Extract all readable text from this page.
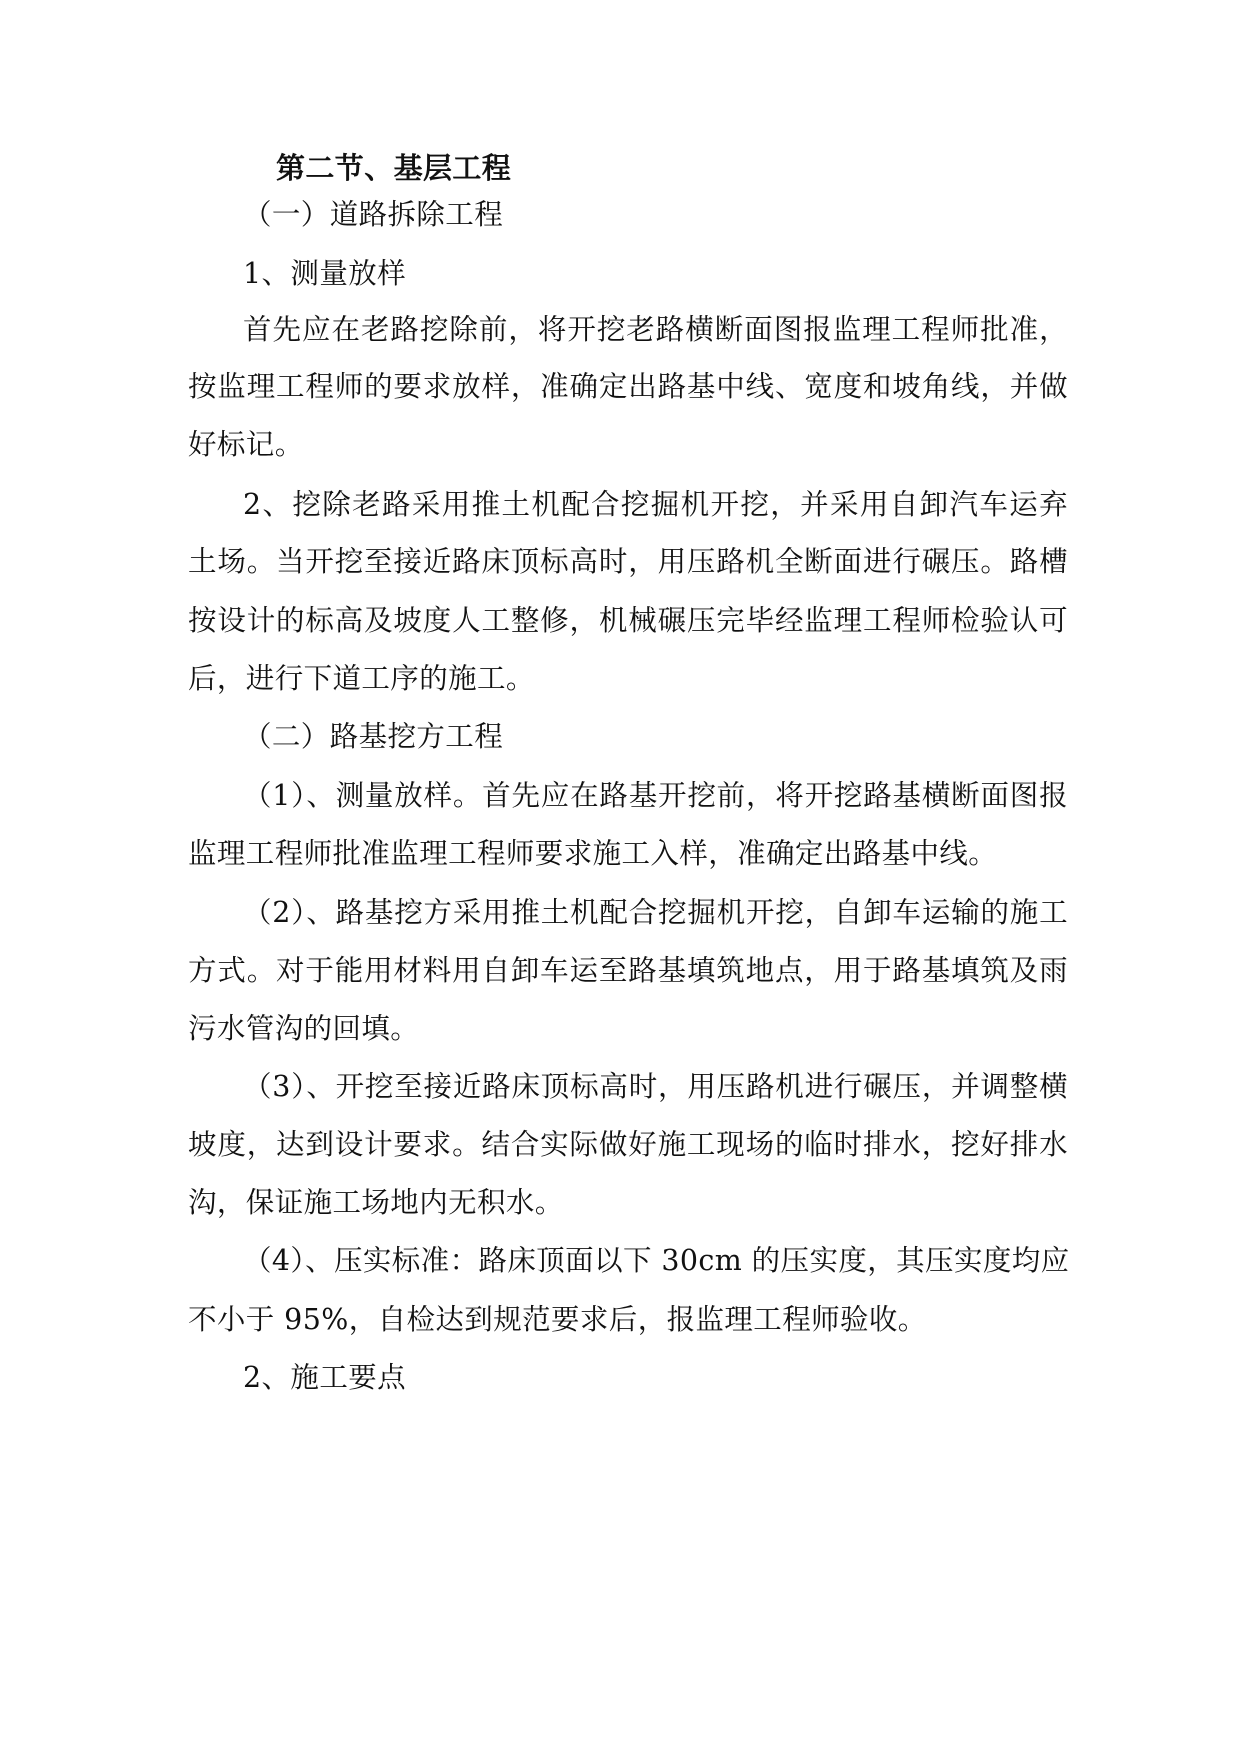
第二节、基层工程
（一）道路拆除工程
1、测量放样
首先应在老路挖除前，将开挖老路横断面图报监理工程师批准，
按监理工程师的要求放样，准确定出路基中线、宽度和坡角线，并做
好标记。
2、挖除老路采用推土机配合挖掘机开挖，并采用自卸汽车运弃
土场。当开挖至接近路床顶标高时，用压路机全断面进行碾压。路槽
按设计的标高及坡度人工整修，机械碾压完毕经监理工程师检验认可
后，进行下道工序的施工。
（二）路基挖方工程
（1）、测量放样。首先应在路基开挖前，将开挖路基横断面图报
监理工程师批准监理工程师要求施工入样，准确定出路基中线。
（2）、路基挖方采用推土机配合挖掘机开挖，自卸车运输的施工
方式。对于能用材料用自卸车运至路基填筑地点，用于路基填筑及雨
污水管沟的回填。
（3）、开挖至接近路床顶标高时，用压路机进行碾压，并调整横
坡度，达到设计要求。结合实际做好施工现场的临时排水，挖好排水
沟，保证施工场地内无积水。
（4）、压实标准：路床顶面以下 30cm 的压实度，其压实度均应
不小于 95%，自检达到规范要求后，报监理工程师验收。
2、施工要点
